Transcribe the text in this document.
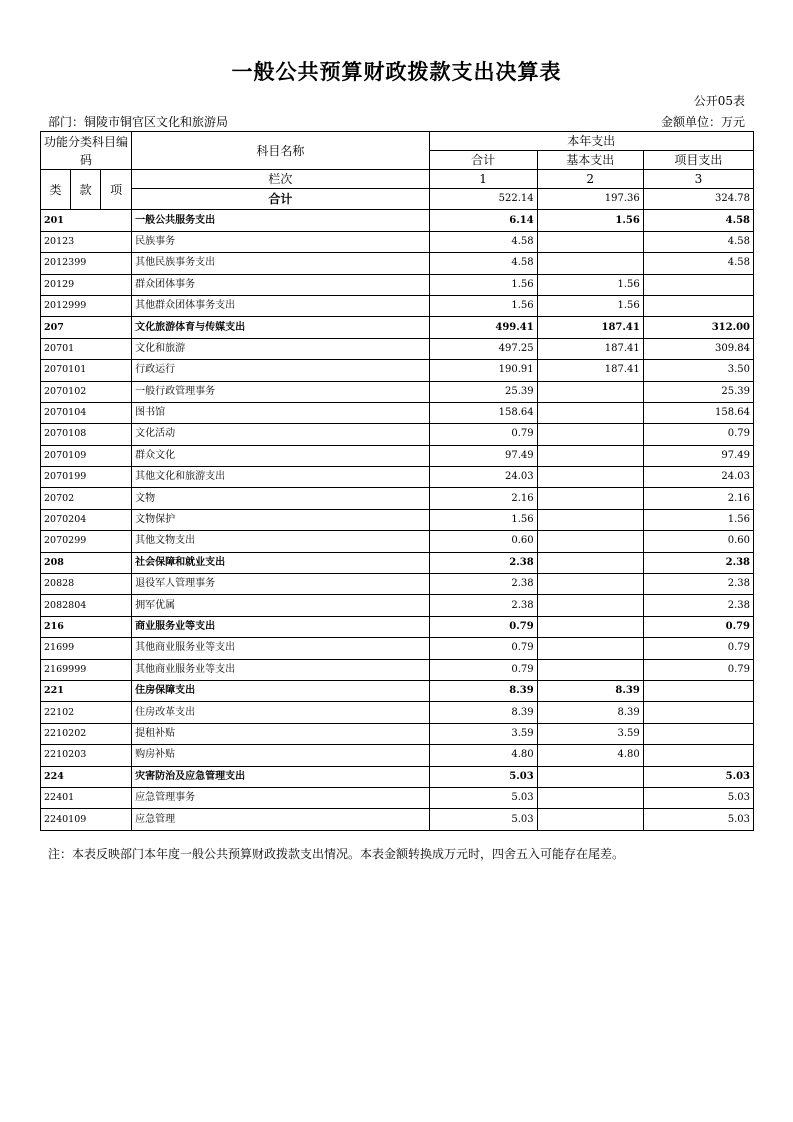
一般公共预算财政拨款支出决算表
公开05表
部门：铜陵市铜官区文化和旅游局	金额单位：万元
功能分类科目编码			科目名称	本年支出		
				合计	基本支出	项目支出
类	款	项	栏次	1	2	3
			合计	522.14	197.36	324.78
201			一般公共服务支出	6.14	1.56	4.58
20123			民族事务	4.58		4.58
2012399			其他民族事务支出	4.58		4.58
20129			群众团体事务	1.56	1.56	
2012999			其他群众团体事务支出	1.56	1.56	
207			文化旅游体育与传媒支出	499.41	187.41	312.00
20701			文化和旅游	497.25	187.41	309.84
2070101			行政运行	190.91	187.41	3.50
2070102			一般行政管理事务	25.39		25.39
2070104			图书馆	158.64		158.64
2070108			文化活动	0.79		0.79
2070109			群众文化	97.49		97.49
2070199			其他文化和旅游支出	24.03		24.03
20702			文物	2.16		2.16
2070204			文物保护	1.56		1.56
2070299			其他文物支出	0.60		0.60
208			社会保障和就业支出	2.38		2.38
20828			退役军人管理事务	2.38		2.38
2082804			拥军优属	2.38		2.38
216			商业服务业等支出	0.79		0.79
21699			其他商业服务业等支出	0.79		0.79
2169999			其他商业服务业等支出	0.79		0.79
221			住房保障支出	8.39	8.39	
22102			住房改革支出	8.39	8.39	
2210202			提租补贴	3.59	3.59	
2210203			购房补贴	4.80	4.80	
224			灾害防治及应急管理支出	5.03		5.03
22401			应急管理事务	5.03		5.03
2240109			应急管理	5.03		5.03
注：本表反映部门本年度一般公共预算财政拨款支出情况。本表金额转换成万元时，四舍五入可能存在尾差。
